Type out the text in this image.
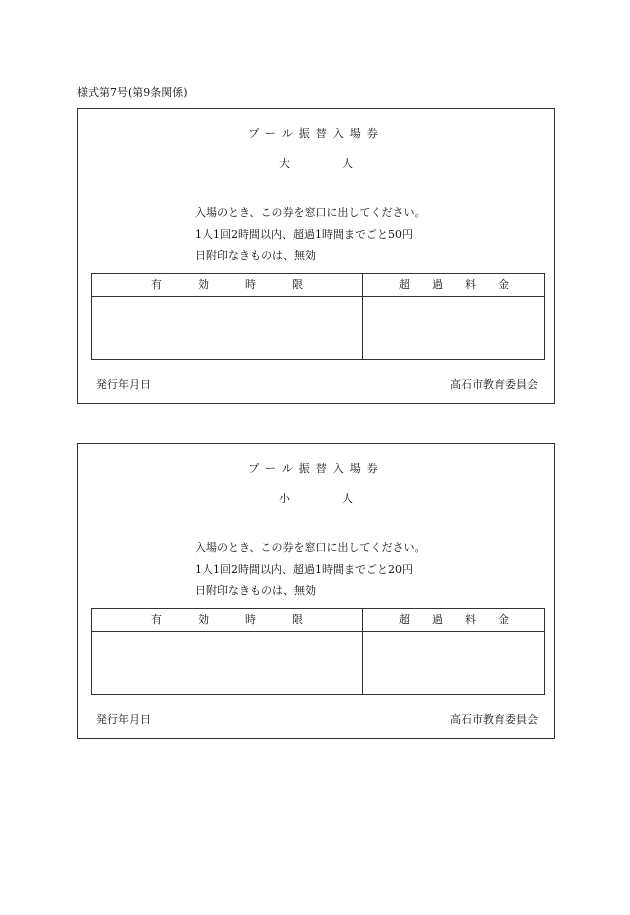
様式第7号(第9条関係)
プール振替入場券
大人
入場のとき、この券を窓口に出してください。
1人1回2時間以内、超過1時間までごと50円
日附印なきものは、無効
有効時限	超過料金
発行年月日	高石市教育委員会
プール振替入場券
小人
入場のとき、この券を窓口に出してください。
1人1回2時間以内、超過1時間までごと20円
日附印なきものは、無効
有効時限	超過料金
発行年月日	高石市教育委員会
